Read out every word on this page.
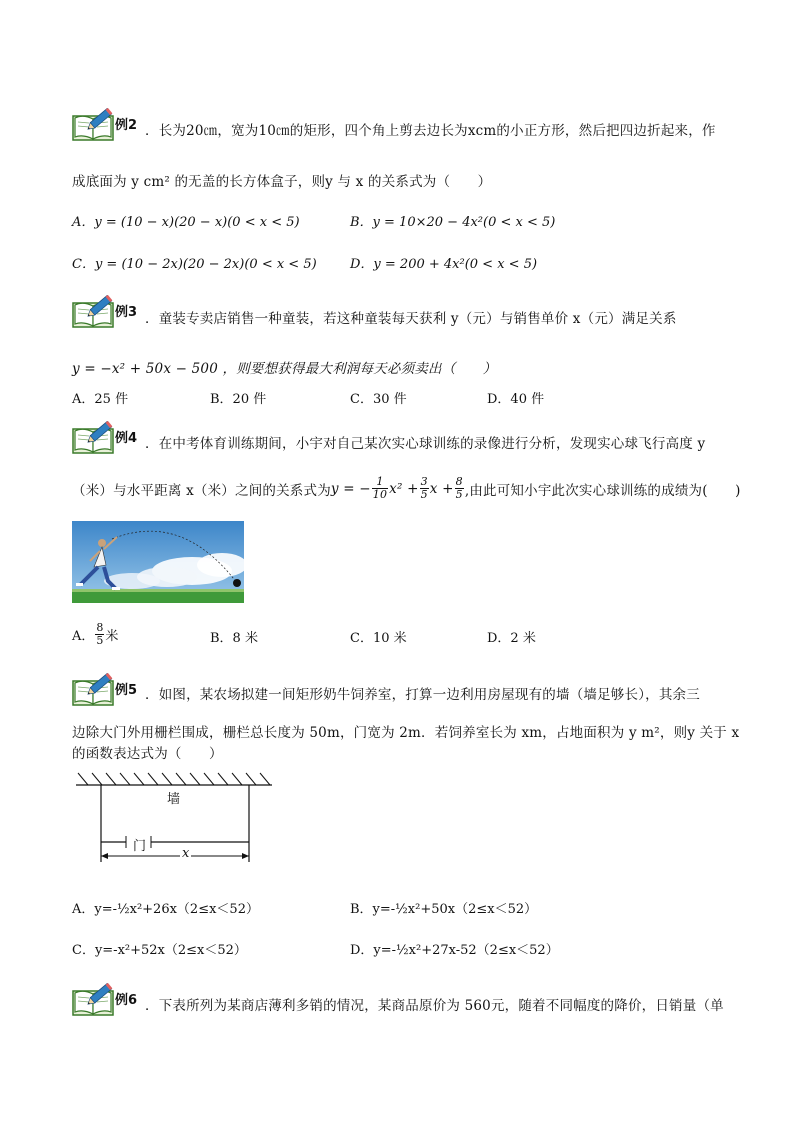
例2 ．长为20㎝，宽为10㎝的矩形，四个角上剪去边长为xcm的小正方形，然后把四边折起来，作
成底面为 y cm² 的无盖的长方体盒子，则y 与 x 的关系式为（　　）
A．y = (10 − x)(20 − x)(0 < x < 5)	B．y = 10×20 − 4x²(0 < x < 5)
C．y = (10 − 2x)(20 − 2x)(0 < x < 5)	D．y = 200 + 4x²(0 < x < 5)
例3 ．童装专卖店销售一种童装，若这种童装每天获利 y（元）与销售单价 x（元）满足关系
y = −x² + 50x − 500 ，则要想获得最大利润每天必须卖出（　　）
A．25 件	B．20 件	C．30 件	D．40 件
例4 ．在中考体育训练期间，小宇对自己某次实心球训练的录像进行分析，发现实心球飞行高度 y
（米）与水平距离 x（米）之间的关系式为 y = − $\frac{1}{10} x^2 + \frac{3}{5}$ $x + \frac{8}{5}$ ,由此可知小宇此次实心球训练的成绩为(　　)
A． $\frac{8}{5}$ 米	B．8 米	C．10 米	D．2 米
例5 ．如图，某农场拟建一间矩形奶牛饲养室，打算一边利用房屋现有的墙（墙足够长），其余三
边除大门外用栅栏围成，栅栏总长度为 50m，门宽为 2m．若饲养室长为 xm，占地面积为 y m²，则y 关于 x
的函数表达式为（　　）
墙
门	x
A．y=-½x²+26x（2≤x＜52）	B．y=-½x²+50x（2≤x＜52）
C．y=-x²+52x（2≤x＜52）	D．y=-½x²+27x-52（2≤x＜52）
例6 ．下表所列为某商店薄利多销的情况，某商品原价为 560元，随着不同幅度的降价，日销量（单
